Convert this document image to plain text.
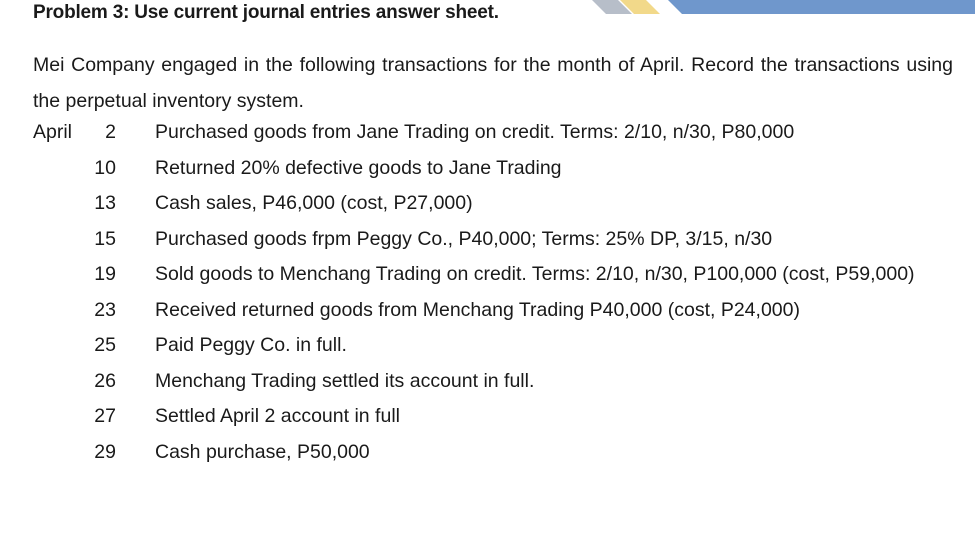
Problem 3: Use current journal entries answer sheet.
Mei Company engaged in the following transactions for the month of April. Record the transactions using the perpetual inventory system.
April	2 Purchased goods from Jane Trading on credit. Terms: 2/10, n/30, P80,000
10 Returned 20% defective goods to Jane Trading
13 Cash sales, P46,000 (cost, P27,000)
15 Purchased goods frpm Peggy Co., P40,000; Terms: 25% DP, 3/15, n/30
19 Sold goods to Menchang Trading on credit. Terms: 2/10, n/30, P100,000 (cost, P59,000)
23 Received returned goods from Menchang Trading P40,000 (cost, P24,000)
25 Paid Peggy Co. in full.
26 Menchang Trading settled its account in full.
27 Settled April 2 account in full
29 Cash purchase, P50,000
